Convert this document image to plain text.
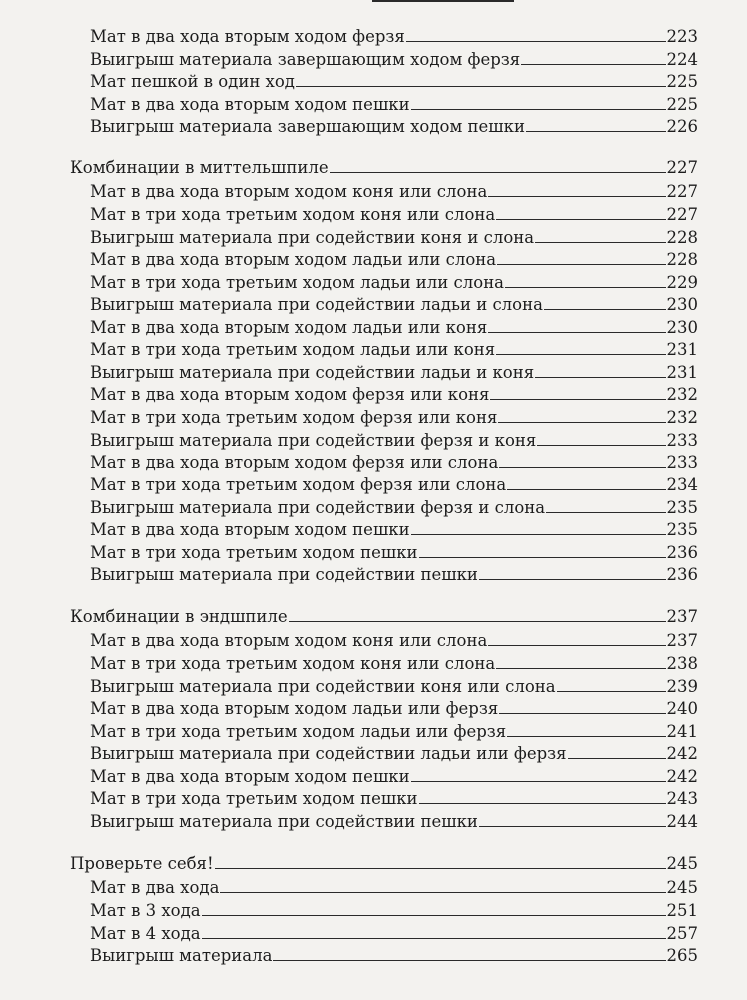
Мат в два хода вторым ходом ферзя	223
Выигрыш материала завершающим ходом ферзя	224
Мат пешкой в один ход	225
Мат в два хода вторым ходом пешки	225
Выигрыш материала завершающим ходом пешки	226
Комбинации в миттельшпиле	227
Мат в два хода вторым ходом коня или слона	227
Мат в три хода третьим ходом коня или слона	227
Выигрыш материала при содействии коня и слона	228
Мат в два хода вторым ходом ладьи или слона	228
Мат в три хода третьим ходом ладьи или слона	229
Выигрыш материала при содействии ладьи и слона	230
Мат в два хода вторым ходом ладьи или коня	230
Мат в три хода третьим ходом ладьи или коня	231
Выигрыш материала при содействии ладьи и коня	231
Мат в два хода вторым ходом ферзя или коня	232
Мат в три хода третьим ходом ферзя или коня	232
Выигрыш материала при содействии ферзя и коня	233
Мат в два хода вторым ходом ферзя или слона	233
Мат в три хода третьим ходом ферзя или слона	234
Выигрыш материала при содействии ферзя и слона	235
Мат в два хода вторым ходом пешки	235
Мат в три хода третьим ходом пешки	236
Выигрыш материала при содействии пешки	236
Комбинации в эндшпиле	237
Мат в два хода вторым ходом коня или слона	237
Мат в три хода третьим ходом коня или слона	238
Выигрыш материала при содействии коня или слона	239
Мат в два хода вторым ходом ладьи или ферзя	240
Мат в три хода третьим ходом ладьи или ферзя	241
Выигрыш материала при содействии ладьи или ферзя	242
Мат в два хода вторым ходом пешки	242
Мат в три хода третьим ходом пешки	243
Выигрыш материала при содействии пешки	244
Проверьте себя!	245
Мат в два хода	245
Мат в 3 хода	251
Мат в 4 хода	257
Выигрыш материала	265
